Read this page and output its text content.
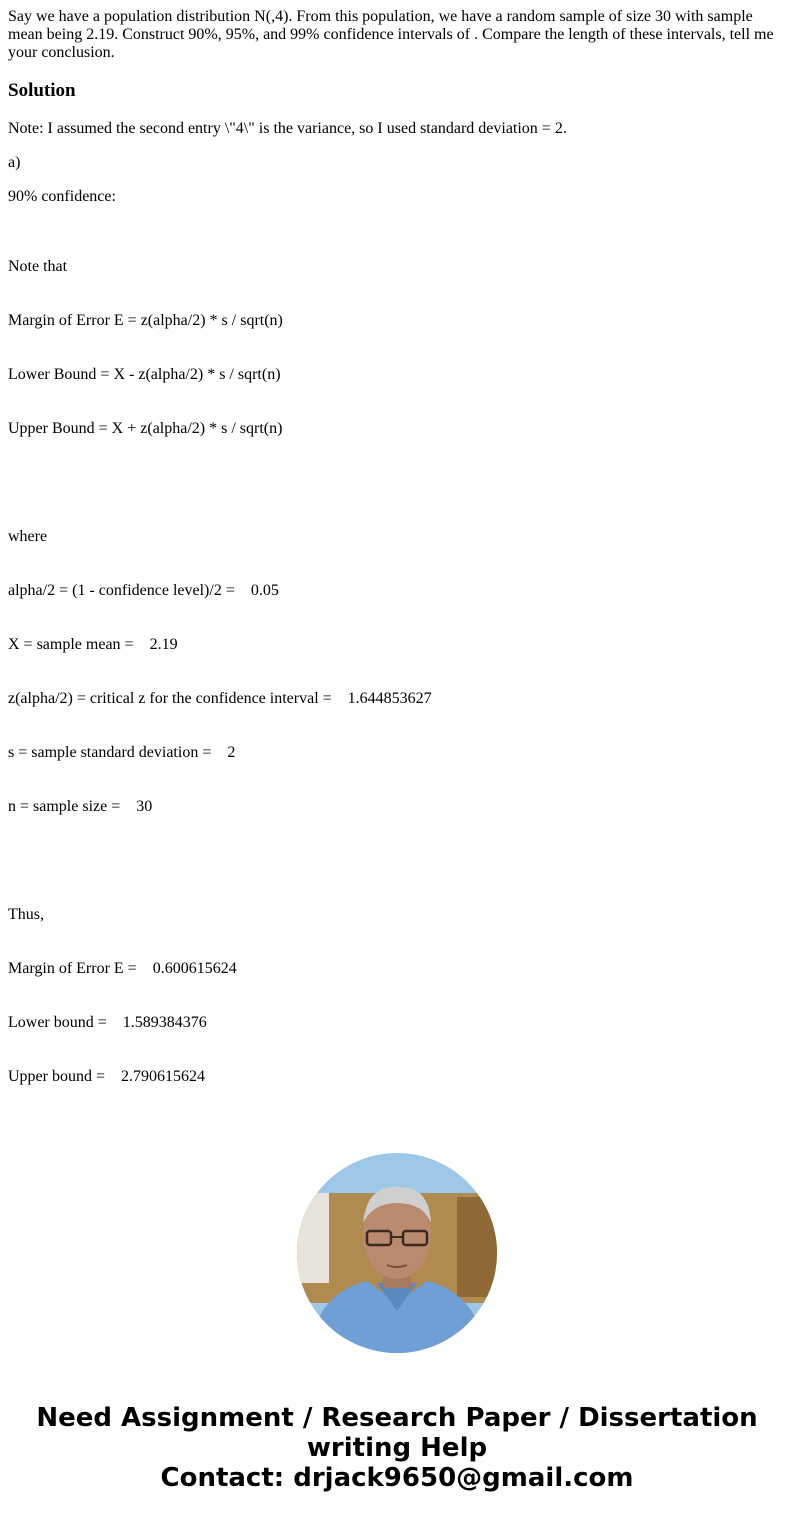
Say we have a population distribution N(,4). From this population, we have a random sample of size 30 with sample mean being 2.19. Construct 90%, 95%, and 99% confidence intervals of . Compare the length of these intervals, tell me your conclusion.

Solution

Note: I assumed the second entry \"4\" is the variance, so I used standard deviation = 2.

a)

90% confidence:

Note that

Margin of Error E = z(alpha/2) * s / sqrt(n)

Lower Bound = X - z(alpha/2) * s / sqrt(n)

Upper Bound = X + z(alpha/2) * s / sqrt(n)

where

alpha/2 = (1 - confidence level)/2 =    0.05

X = sample mean =    2.19

z(alpha/2) = critical z for the confidence interval =    1.644853627

s = sample standard deviation =    2

n = sample size =    30

Thus,

Margin of Error E =    0.600615624

Lower bound =    1.589384376

Upper bound =    2.790615624

Need Assignment / Research Paper / Dissertation
writing Help
Contact: drjack9650@gmail.com
